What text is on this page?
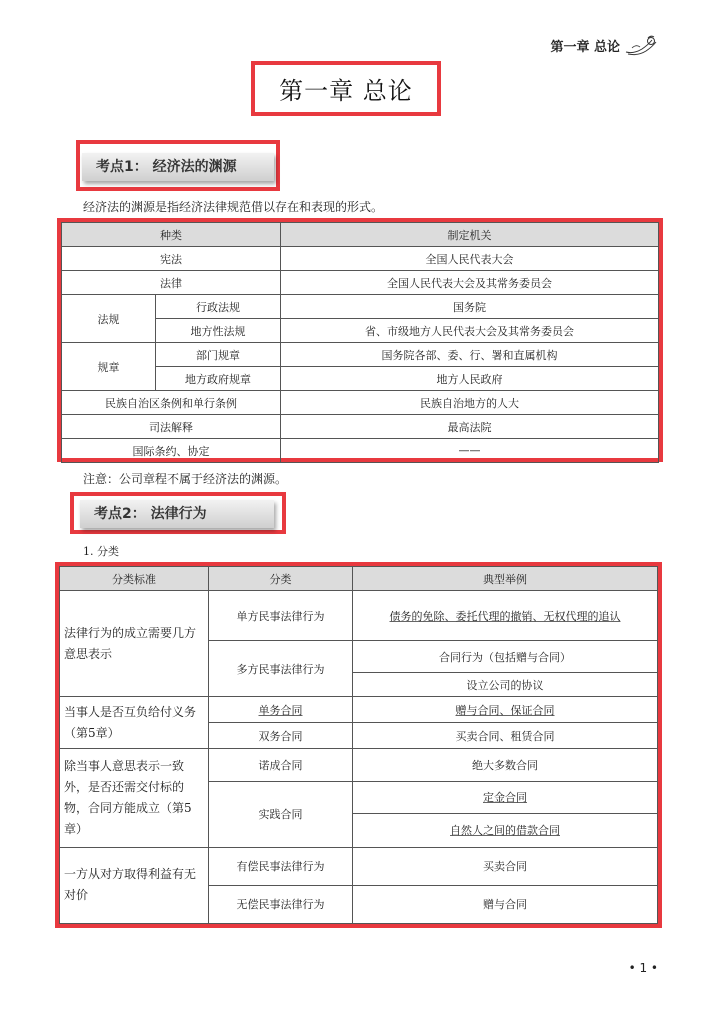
第一章 总论
第一章 总论
考点1： 经济法的渊源
经济法的渊源是指经济法律规范借以存在和表现的形式。
种类		制定机关
宪法		全国人民代表大会
法律		全国人民代表大会及其常务委员会
法规	行政法规	国务院
	地方性法规	省、市级地方人民代表大会及其常务委员会
规章	部门规章	国务院各部、委、行、署和直属机构
	地方政府规章	地方人民政府
民族自治区条例和单行条例		民族自治地方的人大
司法解释		最高法院
国际条约、协定		——
注意：公司章程不属于经济法的渊源。
考点2： 法律行为
1. 分类
分类标准	分类	典型举例
法律行为的成立需要几方意思表示	单方民事法律行为	债务的免除、委托代理的撤销、无权代理的追认
	多方民事法律行为	合同行为（包括赠与合同）
		设立公司的协议
当事人是否互负给付义务（第5章）	单务合同	赠与合同、保证合同
	双务合同	买卖合同、租赁合同
除当事人意思表示一致外，是否还需交付标的物，合同方能成立（第5章）	诺成合同	绝大多数合同
	实践合同	定金合同
		自然人之间的借款合同
一方从对方取得利益有无对价	有偿民事法律行为	买卖合同
	无偿民事法律行为	赠与合同
• 1 •
